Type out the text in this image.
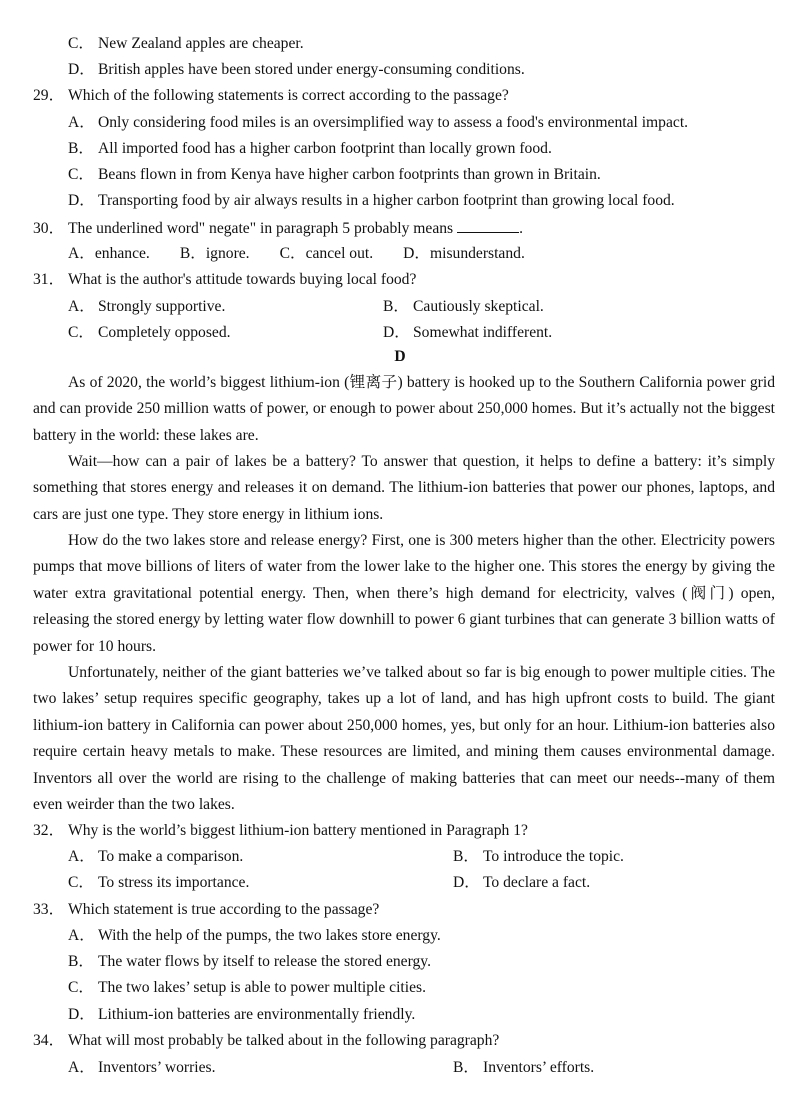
C． New Zealand apples are cheaper.
D． British apples have been stored under energy-consuming conditions.
29． Which of the following statements is correct according to the passage?
A． Only considering food miles is an oversimplified way to assess a food's environmental impact.
B． All imported food has a higher carbon footprint than locally grown food.
C． Beans flown in from Kenya have higher carbon footprints than grown in Britain.
D． Transporting food by air always results in a higher carbon footprint than growing local food.
30． The underlined word" negate" in paragraph 5 probably means	.
A．enhance. B．ignore. C．cancel out. D．misunderstand.
31． What is the author's attitude towards buying local food?
A． Strongly supportive.	B． Cautiously skeptical.
C． Completely opposed.	D． Somewhat indifferent.
D
As of 2020, the world’s biggest lithium-ion (锂离子) battery is hooked up to the Southern California power grid and can provide 250 million watts of power, or enough to power about 250,000 homes. But it’s actually not the biggest battery in the world: these lakes are.
Wait—how can a pair of lakes be a battery? To answer that question, it helps to define a battery: it’s simply something that stores energy and releases it on demand. The lithium-ion batteries that power our phones, laptops, and cars are just one type. They store energy in lithium ions.
How do the two lakes store and release energy? First, one is 300 meters higher than the other. Electricity powers pumps that move billions of liters of water from the lower lake to the higher one. This stores the energy by giving the water extra gravitational potential energy. Then, when there’s high demand for electricity, valves (阀门) open, releasing the stored energy by letting water flow downhill to power 6 giant turbines that can generate 3 billion watts of power for 10 hours.
Unfortunately, neither of the giant batteries we’ve talked about so far is big enough to power multiple cities. The two lakes’ setup requires specific geography, takes up a lot of land, and has high upfront costs to build. The giant lithium-ion battery in California can power about 250,000 homes, yes, but only for an hour. Lithium-ion batteries also require certain heavy metals to make. These resources are limited, and mining them causes environmental damage. Inventors all over the world are rising to the challenge of making batteries that can meet our needs--many of them even weirder than the two lakes.
32． Why is the world’s biggest lithium-ion battery mentioned in Paragraph 1?
A． To make a comparison.	B． To introduce the topic.
C． To stress its importance.	D． To declare a fact.
33． Which statement is true according to the passage?
A． With the help of the pumps, the two lakes store energy.
B． The water flows by itself to release the stored energy.
C． The two lakes’ setup is able to power multiple cities.
D． Lithium-ion batteries are environmentally friendly.
34． What will most probably be talked about in the following paragraph?
A． Inventors’ worries.	B． Inventors’ efforts.
